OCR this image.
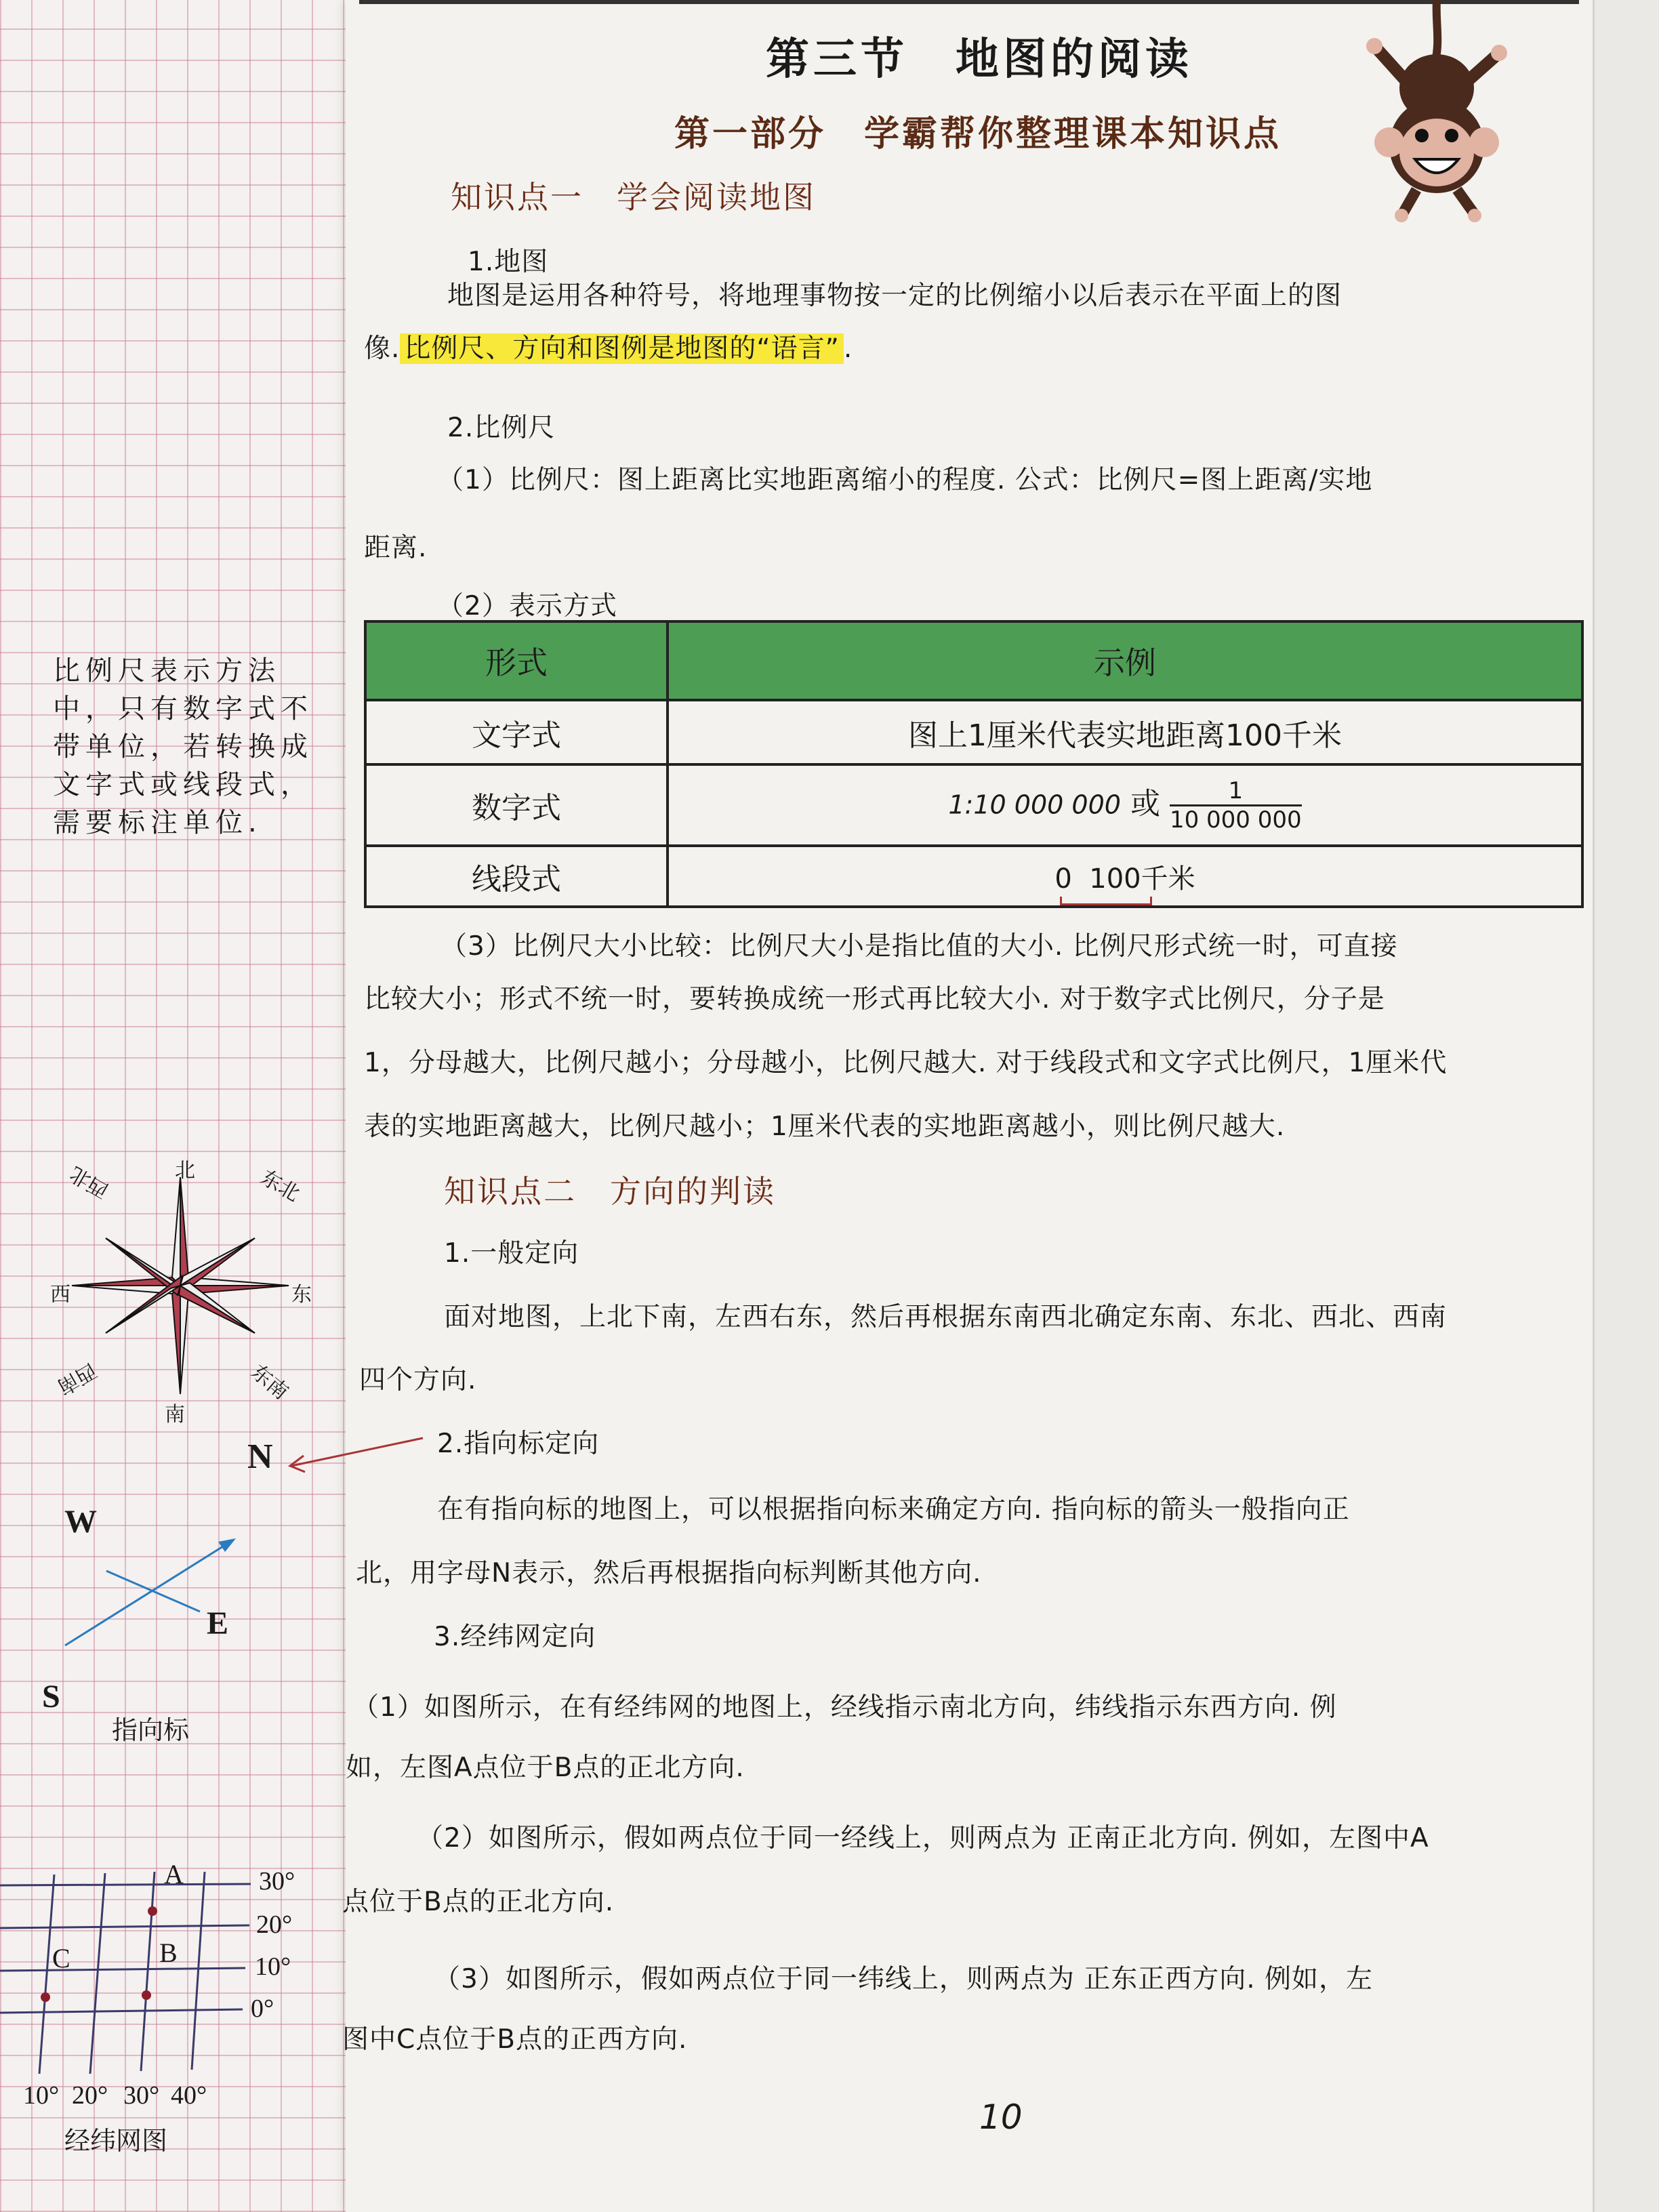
第三节　地图的阅读
第一部分　学霸帮你整理课本知识点
知识点一　学会阅读地图
1.地图
地图是运用各种符号，将地理事物按一定的比例缩小以后表示在平面上的图
像. 比例尺、方向和图例是地图的“语言” .
2.比例尺
（1）比例尺：图上距离比实地距离缩小的程度. 公式：比例尺=图上距离/实地
距离.
（2）表示方式
形式	示例
文字式	图上1厘米代表实地距离100千米
数字式	1:10 000 000 或 $\frac{1}{10 000 000}$

线段式	0 100千米
（3）比例尺大小比较：比例尺大小是指比值的大小. 比例尺形式统一时，可直接
比较大小；形式不统一时，要转换成统一形式再比较大小. 对于数字式比例尺，分子是
1，分母越大，比例尺越小；分母越小，比例尺越大. 对于线段式和文字式比例尺，1厘米代
表的实地距离越大，比例尺越小；1厘米代表的实地距离越小，则比例尺越大.
知识点二　方向的判读
1.一般定向
面对地图，上北下南，左西右东，然后再根据东南西北确定东南、东北、西北、西南
四个方向.
2.指向标定向
在有指向标的地图上，可以根据指向标来确定方向. 指向标的箭头一般指向正
北，用字母N表示，然后再根据指向标判断其他方向.
3.经纬网定向
（1）如图所示，在有经纬网的地图上，经线指示南北方向，纬线指示东西方向. 例
如，左图A点位于B点的正北方向.
（2）如图所示，假如两点位于同一经线上，则两点为 正南正北方向. 例如，左图中A
点位于B点的正北方向.
（3）如图所示，假如两点位于同一纬线上，则两点为 正东正西方向. 例如，左
图中C点位于B点的正西方向.
10
比例尺表示方法
中，只有数字式不
带单位，若转换成
文字式或线段式，
需要标注单位.
北
南
东
西
东北
西北
东南
西南
N
W
E
S
指向标
A
B
C
30°
20°
10°
0°
10° 20° 30° 40°
经纬网图
